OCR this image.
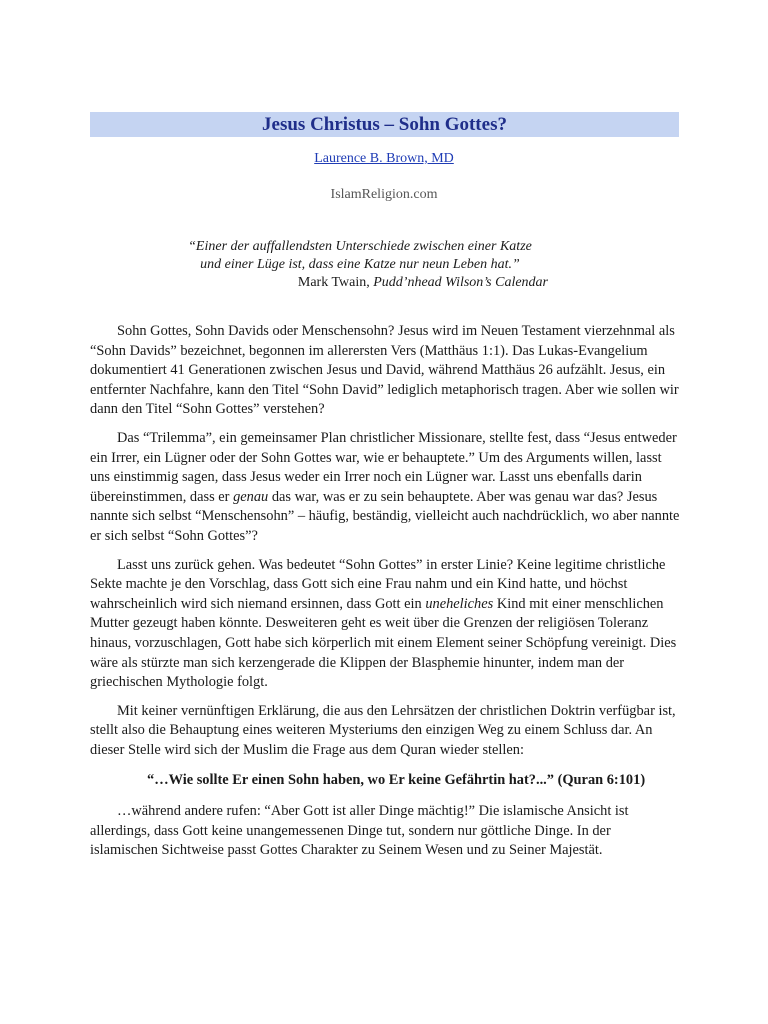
Jesus Christus – Sohn Gottes?
Laurence B. Brown, MD
IslamReligion.com
“Einer der auffallendsten Unterschiede zwischen einer Katze
und einer Lüge ist, dass eine Katze nur neun Leben hat.”
Mark Twain, Pudd’nhead Wilson’s Calendar

Sohn Gottes, Sohn Davids oder Menschensohn? Jesus wird im Neuen Testament vierzehnmal als “Sohn Davids” bezeichnet, begonnen im allerersten Vers (Matthäus 1:1). Das Lukas-Evangelium dokumentiert 41 Generationen zwischen Jesus und David, während Matthäus 26 aufzählt. Jesus, ein entfernter Nachfahre, kann den Titel “Sohn David” lediglich metaphorisch tragen. Aber wie sollen wir dann den Titel “Sohn Gottes” verstehen?

Das “Trilemma”, ein gemeinsamer Plan christlicher Missionare, stellte fest, dass “Jesus entweder ein Irrer, ein Lügner oder der Sohn Gottes war, wie er behauptete.” Um des Arguments willen, lasst uns einstimmig sagen, dass Jesus weder ein Irrer noch ein Lügner war. Lasst uns ebenfalls darin übereinstimmen, dass er genau das war, was er zu sein behauptete. Aber was genau war das? Jesus nannte sich selbst “Menschensohn” – häufig, beständig, vielleicht auch nachdrücklich, wo aber nannte er sich selbst “Sohn Gottes”?

Lasst uns zurück gehen. Was bedeutet “Sohn Gottes” in erster Linie? Keine legitime christliche Sekte machte je den Vorschlag, dass Gott sich eine Frau nahm und ein Kind hatte, und höchst wahrscheinlich wird sich niemand ersinnen, dass Gott ein uneheliches Kind mit einer menschlichen Mutter gezeugt haben könnte. Desweiteren geht es weit über die Grenzen der religiösen Toleranz hinaus, vorzuschlagen, Gott habe sich körperlich mit einem Element seiner Schöpfung vereinigt. Dies wäre als stürzte man sich kerzengerade die Klippen der Blasphemie hinunter, indem man der griechischen Mythologie folgt.

Mit keiner vernünftigen Erklärung, die aus den Lehrsätzen der christlichen Doktrin verfügbar ist, stellt also die Behauptung eines weiteren Mysteriums den einzigen Weg zu einem Schluss dar. An dieser Stelle wird sich der Muslim die Frage aus dem Quran wieder stellen:

“…Wie sollte Er einen Sohn haben, wo Er keine Gefährtin hat?...” (Quran 6:101)

…während andere rufen: “Aber Gott ist aller Dinge mächtig!” Die islamische Ansicht ist allerdings, dass Gott keine unangemessenen Dinge tut, sondern nur göttliche Dinge. In der islamischen Sichtweise passt Gottes Charakter zu Seinem Wesen und zu Seiner Majestät.
